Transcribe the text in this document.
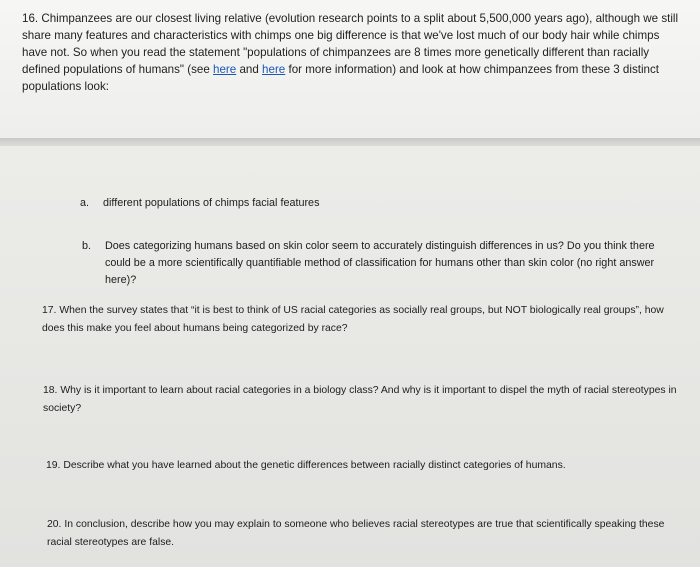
16. Chimpanzees are our closest living relative (evolution research points to a split about 5,500,000 years ago), although we still share many features and characteristics with chimps one big difference is that we've lost much of our body hair while chimps have not. So when you read the statement "populations of chimpanzees are 8 times more genetically different than racially defined populations of humans" (see here and here for more information) and look at how chimpanzees from these 3 distinct populations look:
a. different populations of chimps facial features
b. Does categorizing humans based on skin color seem to accurately distinguish differences in us? Do you think there could be a more scientifically quantifiable method of classification for humans other than skin color (no right answer here)?
17. When the survey states that “it is best to think of US racial categories as socially real groups, but NOT biologically real groups”, how does this make you feel about humans being categorized by race?
18. Why is it important to learn about racial categories in a biology class? And why is it important to dispel the myth of racial stereotypes in society?
19. Describe what you have learned about the genetic differences between racially distinct categories of humans.
20. In conclusion, describe how you may explain to someone who believes racial stereotypes are true that scientifically speaking these racial stereotypes are false.
